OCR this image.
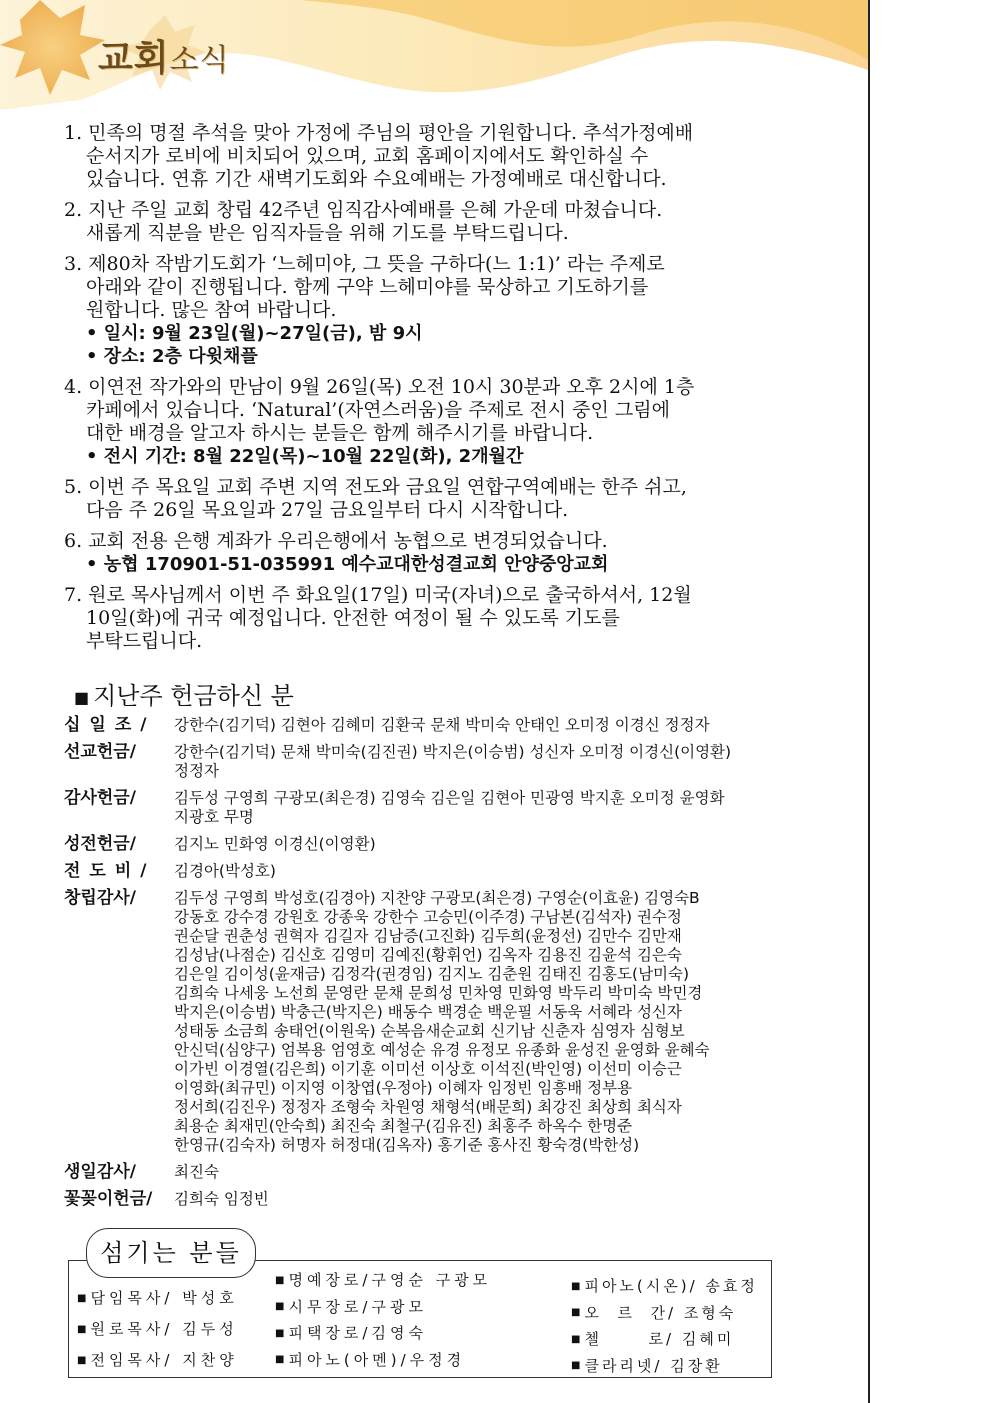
교회소식
1. 민족의 명절 추석을 맞아 가정에 주님의 평안을 기원합니다. 추석가정예배
순서지가 로비에 비치되어 있으며, 교회 홈페이지에서도 확인하실 수
있습니다. 연휴 기간 새벽기도회와 수요예배는 가정예배로 대신합니다.
2. 지난 주일 교회 창립 42주년 임직감사예배를 은혜 가운데 마쳤습니다.
새롭게 직분을 받은 임직자들을 위해 기도를 부탁드립니다.
3. 제80차 작밤기도회가 ‘느헤미야, 그 뜻을 구하다(느 1:1)’ 라는 주제로
아래와 같이 진행됩니다. 함께 구약 느헤미야를 묵상하고 기도하기를
원합니다. 많은 참여 바랍니다.
• 일시: 9월 23일(월)~27일(금), 밤 9시
• 장소: 2층 다윗채플
4. 이연전 작가와의 만남이 9월 26일(목) 오전 10시 30분과 오후 2시에 1층
카페에서 있습니다. ‘Natural’(자연스러움)을 주제로 전시 중인 그림에
대한 배경을 알고자 하시는 분들은 함께 해주시기를 바랍니다.
• 전시 기간: 8월 22일(목)~10월 22일(화), 2개월간
5. 이번 주 목요일 교회 주변 지역 전도와 금요일 연합구역예배는 한주 쉬고,
다음 주 26일 목요일과 27일 금요일부터 다시 시작합니다.
6. 교회 전용 은행 계좌가 우리은행에서 농협으로 변경되었습니다.
• 농협 170901-51-035991 예수교대한성결교회 안양중앙교회
7. 원로 목사님께서 이번 주 화요일(17일) 미국(자녀)으로 출국하셔서, 12월
10일(화)에 귀국 예정입니다. 안전한 여정이 될 수 있도록 기도를
부탁드립니다.
■ 지난주 헌금하신 분
십일조/	강한수(김기덕) 김현아 김혜미 김환국 문채 박미숙 안태인 오미정 이경신 정정자
선교헌금/	강한수(김기덕) 문채 박미숙(김진권) 박지은(이승범) 성신자 오미정 이경신(이영환)
정정자
감사헌금/	김두성 구영희 구광모(최은경) 김영숙 김은일 김현아 민광영 박지훈 오미정 윤영화
지광호 무명
성전헌금/	김지노 민화영 이경신(이영환)
전도비/	김경아(박성호)
창립감사/	김두성 구영희 박성호(김경아) 지찬양 구광모(최은경) 구영순(이효윤) 김영숙B
강동호 강수경 강원호 강종욱 강한수 고승민(이주경) 구남본(김석자) 권수정
권순달 권춘성 권혁자 김길자 김남증(고진화) 김두희(윤정선) 김만수 김만재
김성남(나점순) 김신호 김영미 김예진(황휘언) 김옥자 김용진 김윤석 김은숙
김은일 김이성(윤재금) 김정각(권경임) 김지노 김춘원 김태진 김홍도(남미숙)
김희숙 나세웅 노선희 문영란 문채 문희성 민차영 민화영 박두리 박미숙 박민경
박지은(이승범) 박충근(박지은) 배동수 백경순 백운필 서동욱 서혜라 성신자
성태동 소금희 송태언(이원욱) 순복음새순교회 신기남 신춘자 심영자 심형보
안신덕(심양구) 엄복용 엄영호 예성순 유경 유정모 유종화 윤성진 윤영화 윤혜숙
이가빈 이경열(김은희) 이기훈 이미선 이상호 이석진(박인영) 이선미 이승근
이영화(최규민) 이지영 이창엽(우정아) 이혜자 임정빈 임흥배 정부용
정서희(김진우) 정정자 조형숙 차원영 채형석(배문희) 최강진 최상희 최식자
최용순 최재민(안숙희) 최진숙 최철구(김유진) 최홍주 하옥수 한명준
한영규(김숙자) 허명자 허정대(김옥자) 홍기준 홍사진 황숙경(박한성)
생일감사/	최진숙
꽃꽂이헌금/	김희숙 임정빈
섬기는 분들
■ 담임목사/ 박성호
■ 원로목사/ 김두성
■ 전임목사/ 지찬양
■ 명예장로/구영순 구광모
■ 시무장로/구광모
■ 피택장로/김영숙
■ 피아노(아멘)/우정경
■ 피아노(시온)/ 송효정
■ 오  르  간/ 조형숙
■ 첼      로/ 김혜미
■ 클라리넷/ 김장환
